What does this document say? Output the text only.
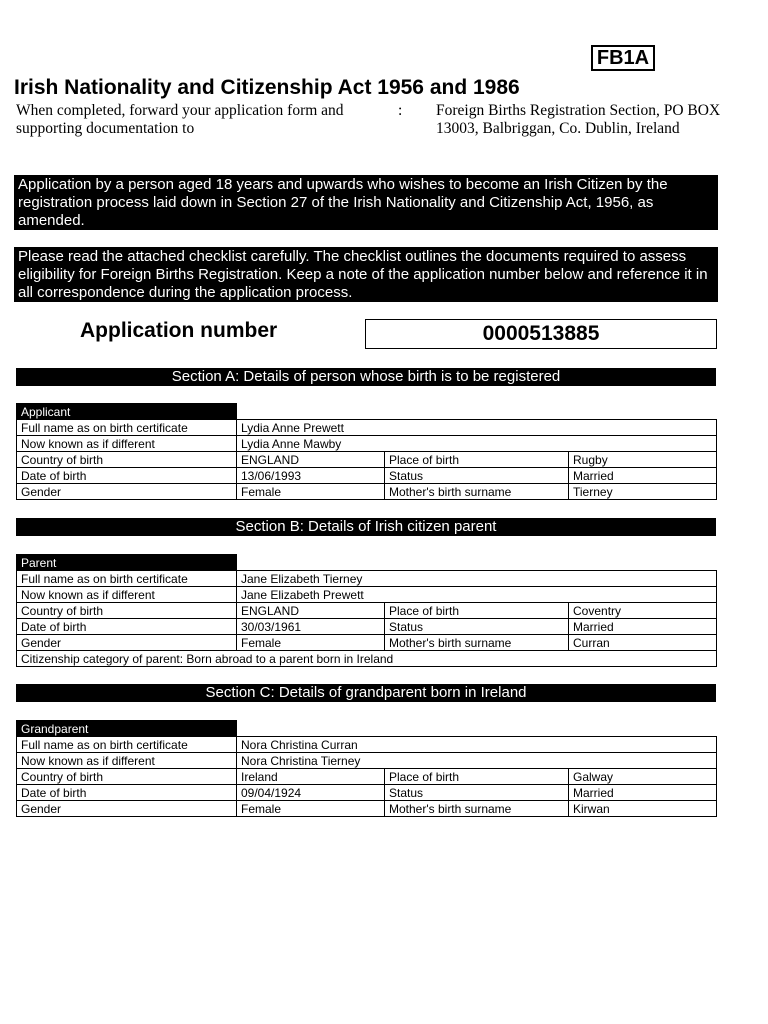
FB1A
Irish Nationality and Citizenship Act 1956 and 1986
When completed, forward your application form and supporting documentation to
: Foreign Births Registration Section, PO BOX 13003, Balbriggan, Co. Dublin, Ireland
Application by a person aged 18 years and upwards who wishes to become an Irish Citizen by the registration process laid down in Section 27 of the Irish Nationality and Citizenship Act, 1956, as amended.
Please read the attached checklist carefully. The checklist outlines the documents required to assess eligibility for Foreign Births Registration. Keep a note of the application number below and reference it in all correspondence during the application process.
Application number	0000513885
Section A: Details of person whose birth is to be registered
Applicant			
Full name as on birth certificate	Lydia Anne Prewett		
Now known as if different	Lydia Anne Mawby		
Country of birth	ENGLAND	Place of birth	Rugby
Date of birth	13/06/1993	Status	Married
Gender	Female	Mother's birth surname	Tierney
Section B: Details of Irish citizen parent
Parent			
Full name as on birth certificate	Jane Elizabeth Tierney		
Now known as if different	Jane Elizabeth Prewett		
Country of birth	ENGLAND	Place of birth	Coventry
Date of birth	30/03/1961	Status	Married
Gender	Female	Mother's birth surname	Curran
Citizenship category of parent: Born abroad to a parent born in Ireland			
Section C: Details of grandparent born in Ireland
Grandparent			
Full name as on birth certificate	Nora Christina Curran		
Now known as if different	Nora Christina Tierney		
Country of birth	Ireland	Place of birth	Galway
Date of birth	09/04/1924	Status	Married
Gender	Female	Mother's birth surname	Kirwan
